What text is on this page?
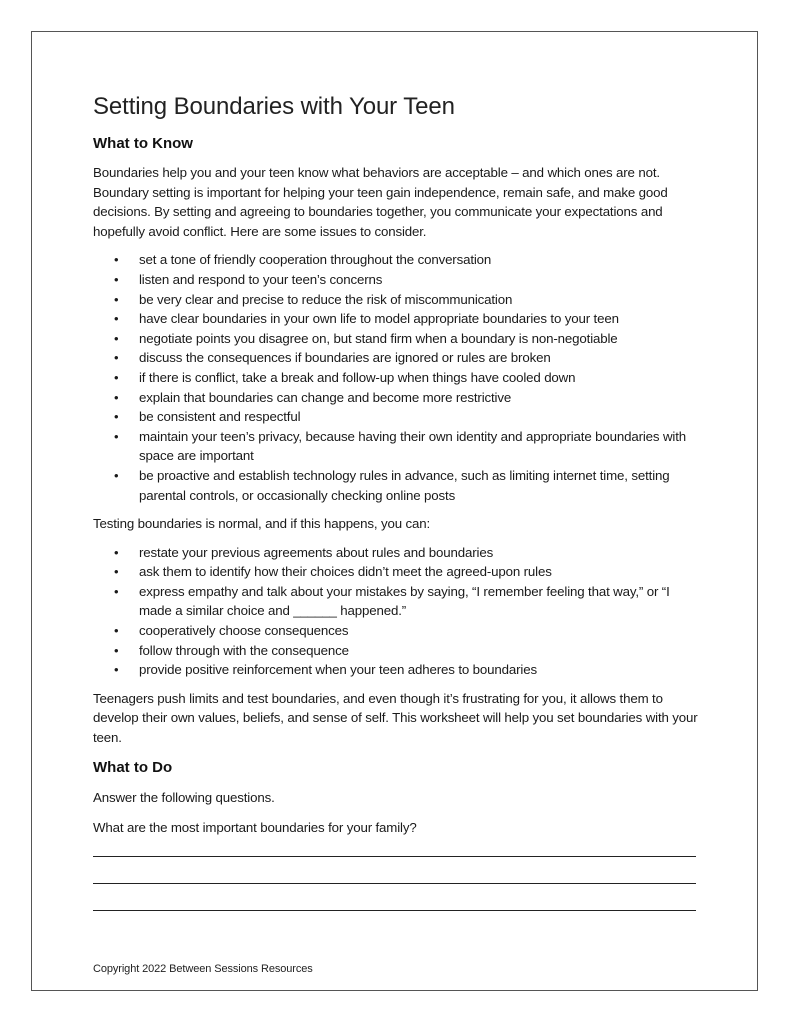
Setting Boundaries with Your Teen
What to Know

Boundaries help you and your teen know what behaviors are acceptable – and which ones are not. Boundary setting is important for helping your teen gain independence, remain safe, and make good decisions. By setting and agreeing to boundaries together, you communicate your expectations and hopefully avoid conflict. Here are some issues to consider.

• set a tone of friendly cooperation throughout the conversation
• listen and respond to your teen’s concerns
• be very clear and precise to reduce the risk of miscommunication
• have clear boundaries in your own life to model appropriate boundaries to your teen
• negotiate points you disagree on, but stand firm when a boundary is non-negotiable
• discuss the consequences if boundaries are ignored or rules are broken
• if there is conflict, take a break and follow-up when things have cooled down
• explain that boundaries can change and become more restrictive
• be consistent and respectful
• maintain your teen’s privacy, because having their own identity and appropriate boundaries with space are important
• be proactive and establish technology rules in advance, such as limiting internet time, setting parental controls, or occasionally checking online posts

Testing boundaries is normal, and if this happens, you can:

• restate your previous agreements about rules and boundaries
• ask them to identify how their choices didn’t meet the agreed-upon rules
• express empathy and talk about your mistakes by saying, “I remember feeling that way,” or “I made a similar choice and ______ happened.”
• cooperatively choose consequences
• follow through with the consequence
• provide positive reinforcement when your teen adheres to boundaries

Teenagers push limits and test boundaries, and even though it’s frustrating for you, it allows them to develop their own values, beliefs, and sense of self. This worksheet will help you set boundaries with your teen.

What to Do

Answer the following questions.

What are the most important boundaries for your family?

Copyright 2022 Between Sessions Resources
